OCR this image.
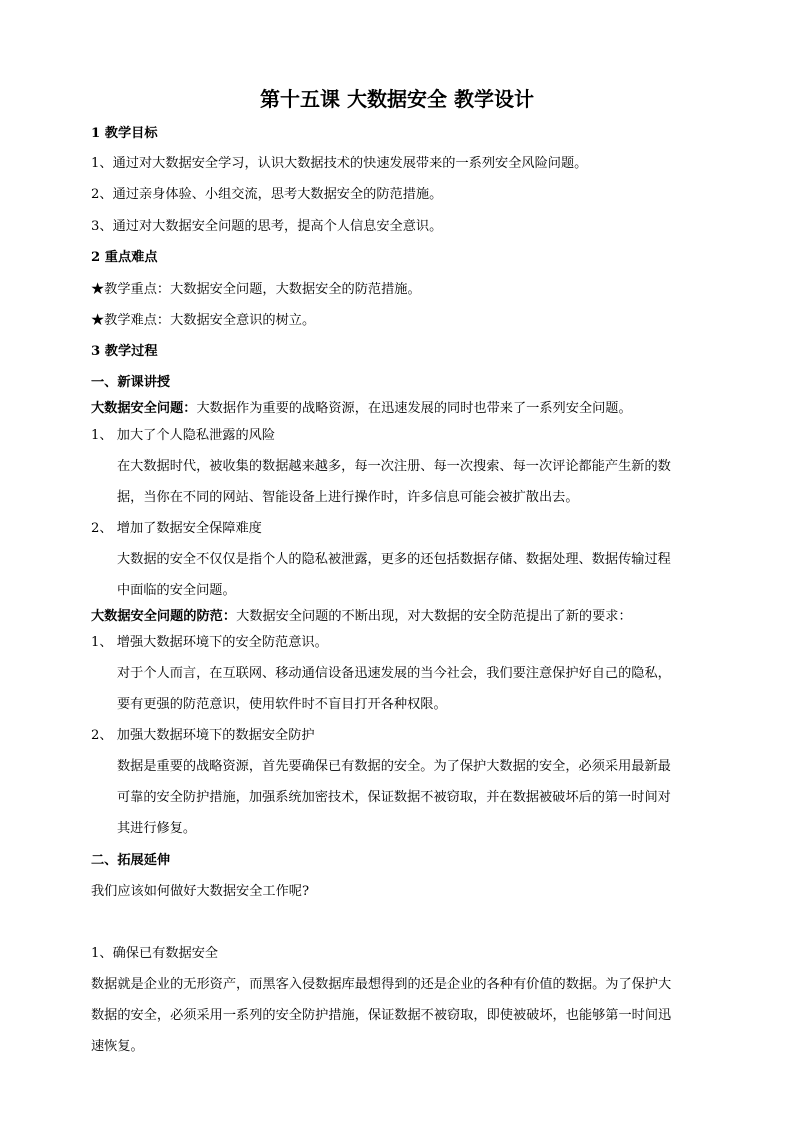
第十五课 大数据安全 教学设计
1 教学目标
1、通过对大数据安全学习，认识大数据技术的快速发展带来的一系列安全风险问题。
2、通过亲身体验、小组交流，思考大数据安全的防范措施。
3、通过对大数据安全问题的思考，提高个人信息安全意识。
2 重点难点
★教学重点：大数据安全问题，大数据安全的防范措施。
★教学难点：大数据安全意识的树立。
3 教学过程
一、新课讲授
大数据安全问题：大数据作为重要的战略资源，在迅速发展的同时也带来了一系列安全问题。
1、 加大了个人隐私泄露的风险
在大数据时代，被收集的数据越来越多，每一次注册、每一次搜索、每一次评论都能产生新的数
据，当你在不同的网站、智能设备上进行操作时，许多信息可能会被扩散出去。
2、 增加了数据安全保障难度
大数据的安全不仅仅是指个人的隐私被泄露，更多的还包括数据存储、数据处理、数据传输过程
中面临的安全问题。
大数据安全问题的防范：大数据安全问题的不断出现，对大数据的安全防范提出了新的要求：
1、 增强大数据环境下的安全防范意识。
对于个人而言，在互联网、移动通信设备迅速发展的当今社会，我们要注意保护好自己的隐私，
要有更强的防范意识，使用软件时不盲目打开各种权限。
2、 加强大数据环境下的数据安全防护
数据是重要的战略资源，首先要确保已有数据的安全。为了保护大数据的安全，必须采用最新最
可靠的安全防护措施，加强系统加密技术，保证数据不被窃取，并在数据被破坏后的第一时间对
其进行修复。
二、拓展延伸
我们应该如何做好大数据安全工作呢?
1、确保已有数据安全
数据就是企业的无形资产，而黑客入侵数据库最想得到的还是企业的各种有价值的数据。为了保护大
数据的安全，必须采用一系列的安全防护措施，保证数据不被窃取，即使被破坏，也能够第一时间迅
速恢复。
